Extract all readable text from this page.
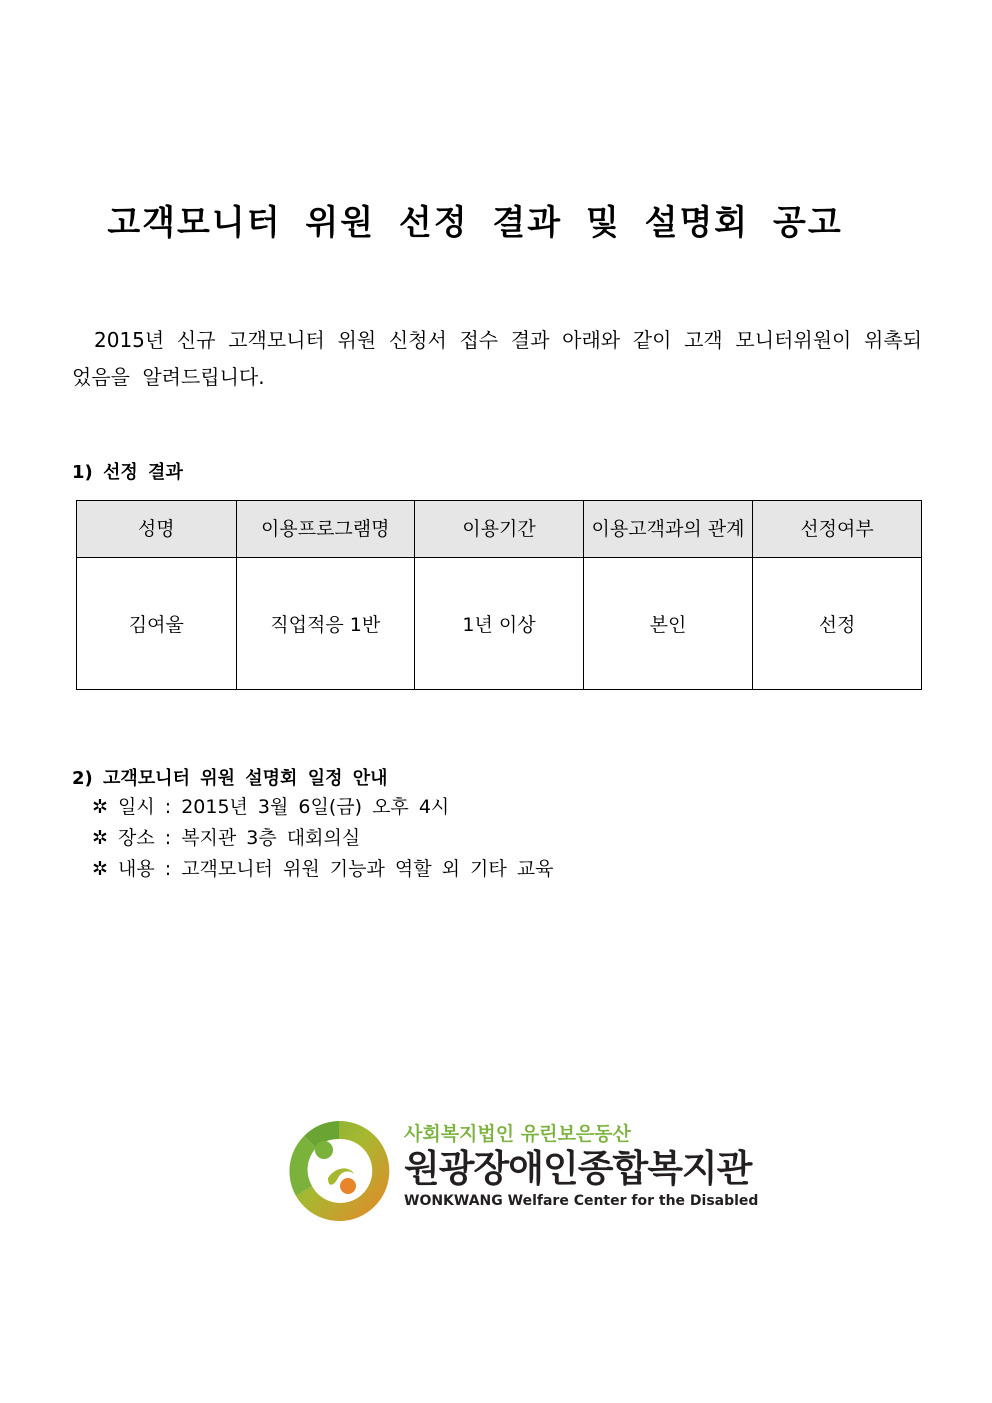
고객모니터 위원 선정 결과 및 설명회 공고

2015년 신규 고객모니터 위원 신청서 접수 결과 아래와 같이 고객 모니터위원이 위촉되었음을 알려드립니다.

1) 선정 결과
성명	이용프로그램명	이용기간	이용고객과의 관계	선정여부
김여울	직업적응 1반	1년 이상	본인	선정
2) 고객모니터 위원 설명회 일정 안내
✲ 일시 : 2015년 3월 6일(금) 오후 4시
✲ 장소 : 복지관 3층 대회의실
✲ 내용 : 고객모니터 위원 기능과 역할 외 기타 교육
사회복지법인 유린보은동산
원광장애인종합복지관
WONKWANG Welfare Center for the Disabled
